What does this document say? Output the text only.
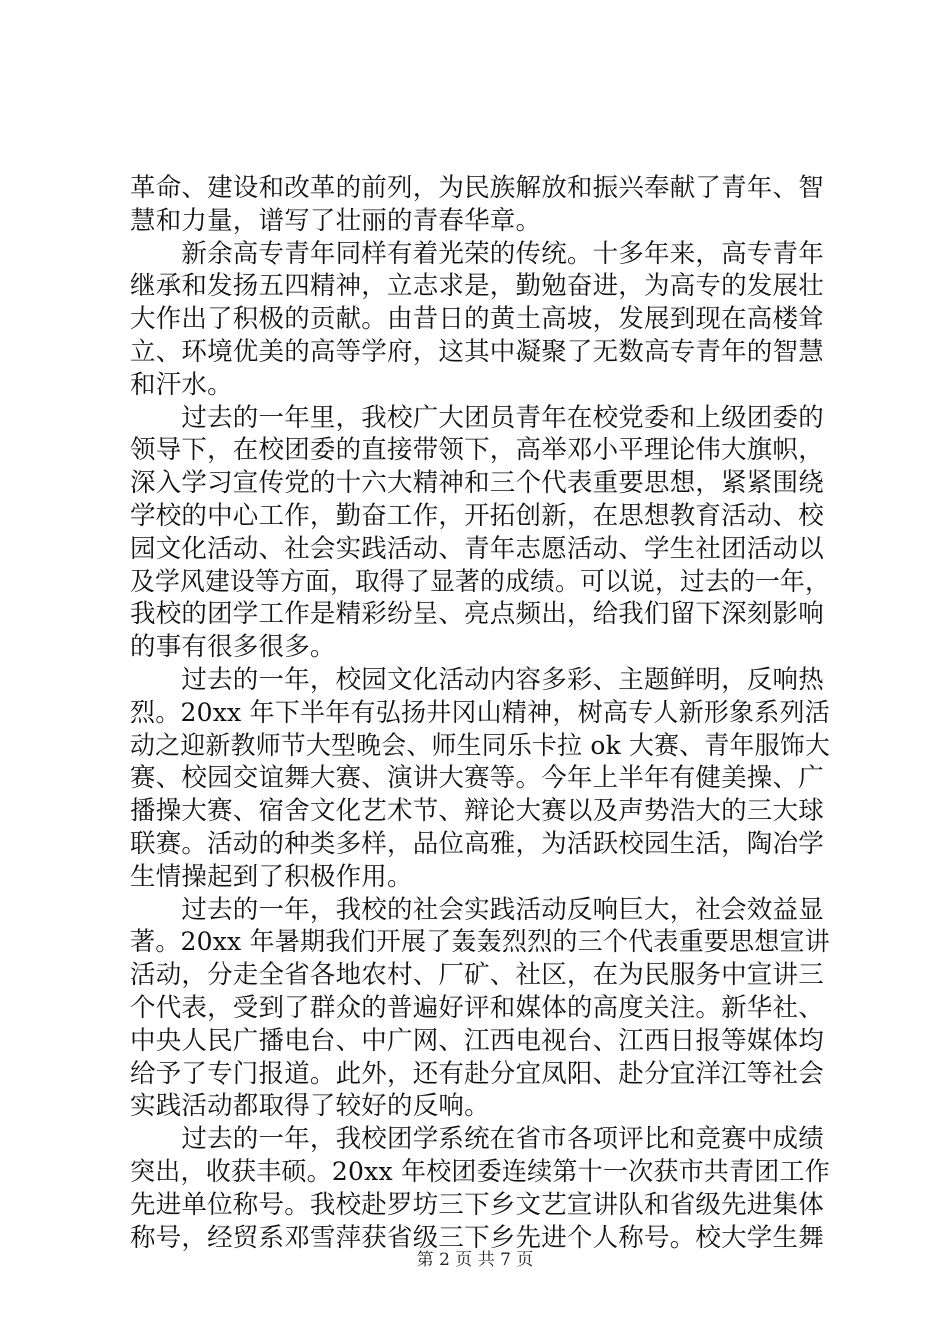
革命、建设和改革的前列，为民族解放和振兴奉献了青年、智
慧和力量，谱写了壮丽的青春华章。
　　新余高专青年同样有着光荣的传统。十多年来，高专青年
继承和发扬五四精神，立志求是，勤勉奋进，为高专的发展壮
大作出了积极的贡献。由昔日的黄土高坡，发展到现在高楼耸
立、环境优美的高等学府，这其中凝聚了无数高专青年的智慧
和汗水。
　　过去的一年里，我校广大团员青年在校党委和上级团委的
领导下，在校团委的直接带领下，高举邓小平理论伟大旗帜，
深入学习宣传党的十六大精神和三个代表重要思想，紧紧围绕
学校的中心工作，勤奋工作，开拓创新，在思想教育活动、校
园文化活动、社会实践活动、青年志愿活动、学生社团活动以
及学风建设等方面，取得了显著的成绩。可以说，过去的一年，
我校的团学工作是精彩纷呈、亮点频出，给我们留下深刻影响
的事有很多很多。
　　过去的一年，校园文化活动内容多彩、主题鲜明，反响热
烈。20xx 年下半年有弘扬井冈山精神，树高专人新形象系列活
动之迎新教师节大型晚会、师生同乐卡拉 ok 大赛、青年服饰大
赛、校园交谊舞大赛、演讲大赛等。今年上半年有健美操、广
播操大赛、宿舍文化艺术节、辩论大赛以及声势浩大的三大球
联赛。活动的种类多样，品位高雅，为活跃校园生活，陶冶学
生情操起到了积极作用。
　　过去的一年，我校的社会实践活动反响巨大，社会效益显
著。20xx 年暑期我们开展了轰轰烈烈的三个代表重要思想宣讲
活动，分走全省各地农村、厂矿、社区，在为民服务中宣讲三
个代表，受到了群众的普遍好评和媒体的高度关注。新华社、
中央人民广播电台、中广网、江西电视台、江西日报等媒体均
给予了专门报道。此外，还有赴分宜凤阳、赴分宜洋江等社会
实践活动都取得了较好的反响。
　　过去的一年，我校团学系统在省市各项评比和竞赛中成绩
突出，收获丰硕。20xx 年校团委连续第十一次获市共青团工作
先进单位称号。我校赴罗坊三下乡文艺宣讲队和省级先进集体
称号，经贸系邓雪萍获省级三下乡先进个人称号。校大学生舞
第 2 页 共 7 页
